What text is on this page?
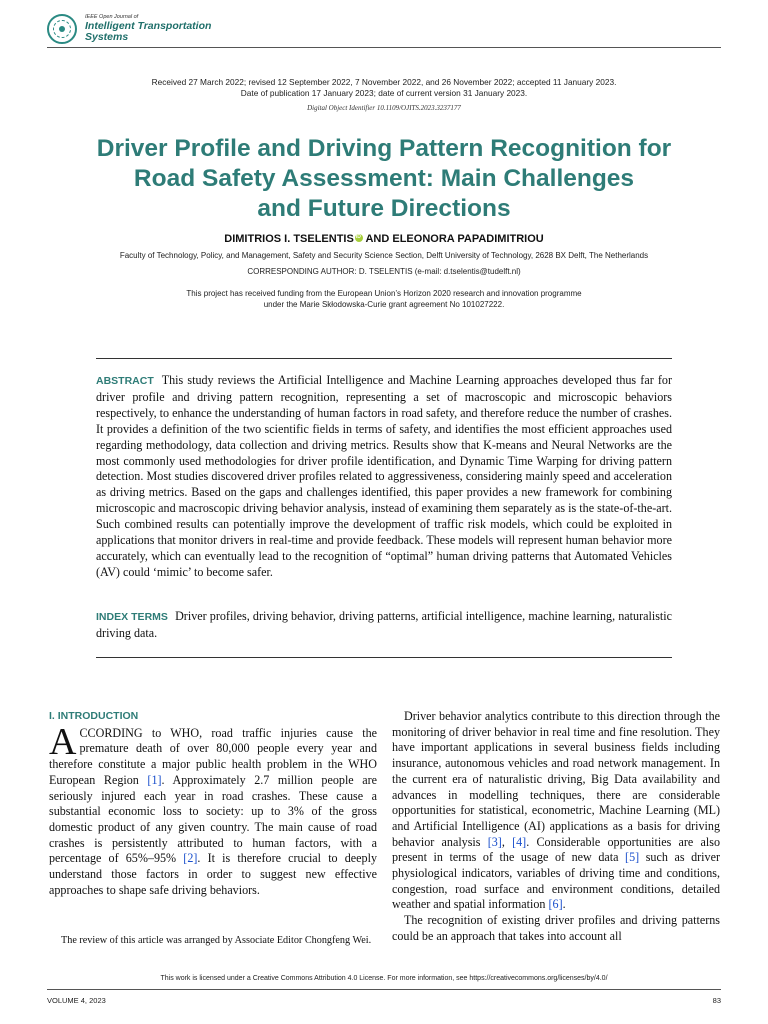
IEEE Open Journal of
Intelligent Transportation
Systems
Received 27 March 2022; revised 12 September 2022, 7 November 2022, and 26 November 2022; accepted 11 January 2023.
Date of publication 17 January 2023; date of current version 31 January 2023.
Digital Object Identifier 10.1109/OJITS.2023.3237177
Driver Profile and Driving Pattern Recognition for
Road Safety Assessment: Main Challenges
and Future Directions
DIMITRIOS I. TSELENTISiD AND ELEONORA PAPADIMITRIOU
Faculty of Technology, Policy, and Management, Safety and Security Science Section, Delft University of Technology, 2628 BX Delft, The Netherlands
CORRESPONDING AUTHOR: D. TSELENTIS (e-mail: d.tselentis@tudelft.nl)
This project has received funding from the European Union’s Horizon 2020 research and innovation programme
under the Marie Skłodowska-Curie grant agreement No 101027222.
ABSTRACT This study reviews the Artificial Intelligence and Machine Learning approaches developed thus far for driver profile and driving pattern recognition, representing a set of macroscopic and microscopic behaviors respectively, to enhance the understanding of human factors in road safety, and therefore reduce the number of crashes. It provides a definition of the two scientific fields in terms of safety, and identifies the most efficient approaches used regarding methodology, data collection and driving metrics. Results show that K-means and Neural Networks are the most commonly used methodologies for driver profile identification, and Dynamic Time Warping for driving pattern detection. Most studies discovered driver profiles related to aggressiveness, considering mainly speed and acceleration as driving metrics. Based on the gaps and challenges identified, this paper provides a new framework for combining microscopic and macroscopic driving behavior analysis, instead of examining them separately as is the state-of-the-art. Such combined results can potentially improve the development of traffic risk models, which could be exploited in applications that monitor drivers in real-time and provide feedback. These models will represent human behavior more accurately, which can eventually lead to the recognition of “optimal” human driving patterns that Automated Vehicles (AV) could ‘mimic’ to become safer.
INDEX TERMS Driver profiles, driving behavior, driving patterns, artificial intelligence, machine learning, naturalistic driving data.
I. INTRODUCTION

ACCORDING to WHO, road traffic injuries cause the premature death of over 80,000 people every year and therefore constitute a major public health problem in the WHO European Region [1]. Approximately 2.7 million people are seriously injured each year in road crashes. These cause a substantial economic loss to society: up to 3% of the gross domestic product of any given country. The main cause of road crashes is persistently attributed to human factors, with a percentage of 65%–95% [2]. It is therefore crucial to deeply understand those factors in order to suggest new effective approaches to shape safe driving behaviors.

The review of this article was arranged by Associate Editor Chongfeng Wei.

Driver behavior analytics contribute to this direction through the monitoring of driver behavior in real time and fine resolution. They have important applications in several business fields including insurance, autonomous vehicles and road network management. In the current era of naturalistic driving, Big Data availability and advances in modelling techniques, there are considerable opportunities for statistical, econometric, Machine Learning (ML) and Artificial Intelligence (AI) applications as a basis for driving behavior analysis [3], [4]. Considerable opportunities are also present in terms of the usage of new data [5] such as driver physiological indicators, variables of driving time and conditions, congestion, road surface and environment conditions, detailed weather and spatial information [6].

The recognition of existing driver profiles and driving patterns could be an approach that takes into account all

This work is licensed under a Creative Commons Attribution 4.0 License. For more information, see https://creativecommons.org/licenses/by/4.0/
VOLUME 4, 2023	83
